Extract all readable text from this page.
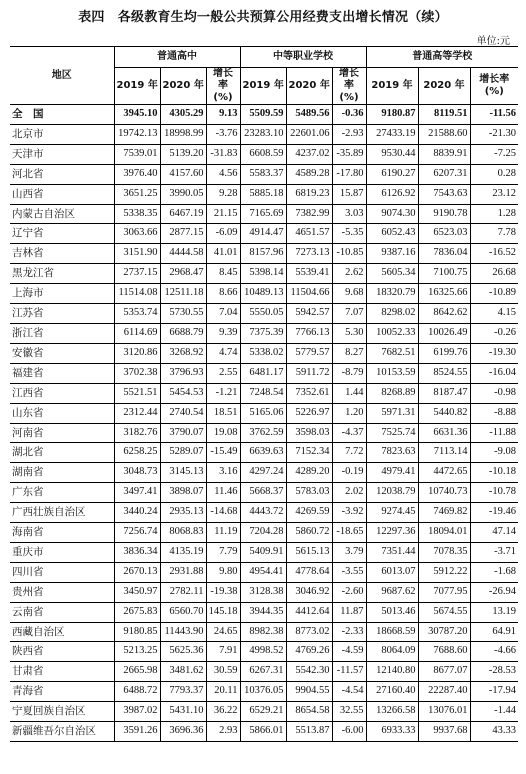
表四　各级教育生均一般公共预算公用经费支出增长情况（续）
单位:元
地区	普通高中			中等职业学校			普通高等学校		
	2019 年	2020 年	增长率(%)	2019 年	2020 年	增长率(%)	2019 年	2020 年	增长率(%)
全　国	3945.10	4305.29	9.13	5509.59	5489.56	-0.36	9180.87	8119.51	-11.56
北京市	19742.13	18998.99	-3.76	23283.10	22601.06	-2.93	27433.19	21588.60	-21.30
天津市	7539.01	5139.20	-31.83	6608.59	4237.02	-35.89	9530.44	8839.91	-7.25
河北省	3976.40	4157.60	4.56	5583.37	4589.28	-17.80	6190.27	6207.31	0.28
山西省	3651.25	3990.05	9.28	5885.18	6819.23	15.87	6126.92	7543.63	23.12
内蒙古自治区	5338.35	6467.19	21.15	7165.69	7382.99	3.03	9074.30	9190.78	1.28
辽宁省	3063.66	2877.15	-6.09	4914.47	4651.57	-5.35	6052.43	6523.03	7.78
吉林省	3151.90	4444.58	41.01	8157.96	7273.13	-10.85	9387.16	7836.04	-16.52
黑龙江省	2737.15	2968.47	8.45	5398.14	5539.41	2.62	5605.34	7100.75	26.68
上海市	11514.08	12511.18	8.66	10489.13	11504.66	9.68	18320.79	16325.66	-10.89
江苏省	5353.74	5730.55	7.04	5550.05	5942.57	7.07	8298.02	8642.62	4.15
浙江省	6114.69	6688.79	9.39	7375.39	7766.13	5.30	10052.33	10026.49	-0.26
安徽省	3120.86	3268.92	4.74	5338.02	5779.57	8.27	7682.51	6199.76	-19.30
福建省	3702.38	3796.93	2.55	6481.17	5911.72	-8.79	10153.59	8524.55	-16.04
江西省	5521.51	5454.53	-1.21	7248.54	7352.61	1.44	8268.89	8187.47	-0.98
山东省	2312.44	2740.54	18.51	5165.06	5226.97	1.20	5971.31	5440.82	-8.88
河南省	3182.76	3790.07	19.08	3762.59	3598.03	-4.37	7525.74	6631.36	-11.88
湖北省	6258.25	5289.07	-15.49	6639.63	7152.34	7.72	7823.63	7113.14	-9.08
湖南省	3048.73	3145.13	3.16	4297.24	4289.20	-0.19	4979.41	4472.65	-10.18
广东省	3497.41	3898.07	11.46	5668.37	5783.03	2.02	12038.79	10740.73	-10.78
广西壮族自治区	3440.24	2935.13	-14.68	4443.72	4269.59	-3.92	9274.45	7469.82	-19.46
海南省	7256.74	8068.83	11.19	7204.28	5860.72	-18.65	12297.36	18094.01	47.14
重庆市	3836.34	4135.19	7.79	5409.91	5615.13	3.79	7351.44	7078.35	-3.71
四川省	2670.13	2931.88	9.80	4954.41	4778.64	-3.55	6013.07	5912.22	-1.68
贵州省	3450.97	2782.11	-19.38	3128.38	3046.92	-2.60	9687.62	7077.95	-26.94
云南省	2675.83	6560.70	145.18	3944.35	4412.64	11.87	5013.46	5674.55	13.19
西藏自治区	9180.85	11443.90	24.65	8982.38	8773.02	-2.33	18668.59	30787.20	64.91
陕西省	5213.25	5625.36	7.91	4998.52	4769.26	-4.59	8064.09	7688.60	-4.66
甘肃省	2665.98	3481.62	30.59	6267.31	5542.30	-11.57	12140.80	8677.07	-28.53
青海省	6488.72	7793.37	20.11	10376.05	9904.55	-4.54	27160.40	22287.40	-17.94
宁夏回族自治区	3987.02	5431.10	36.22	6529.21	8654.58	32.55	13266.58	13076.01	-1.44
新疆维吾尔自治区	3591.26	3696.36	2.93	5866.01	5513.87	-6.00	6933.33	9937.68	43.33
